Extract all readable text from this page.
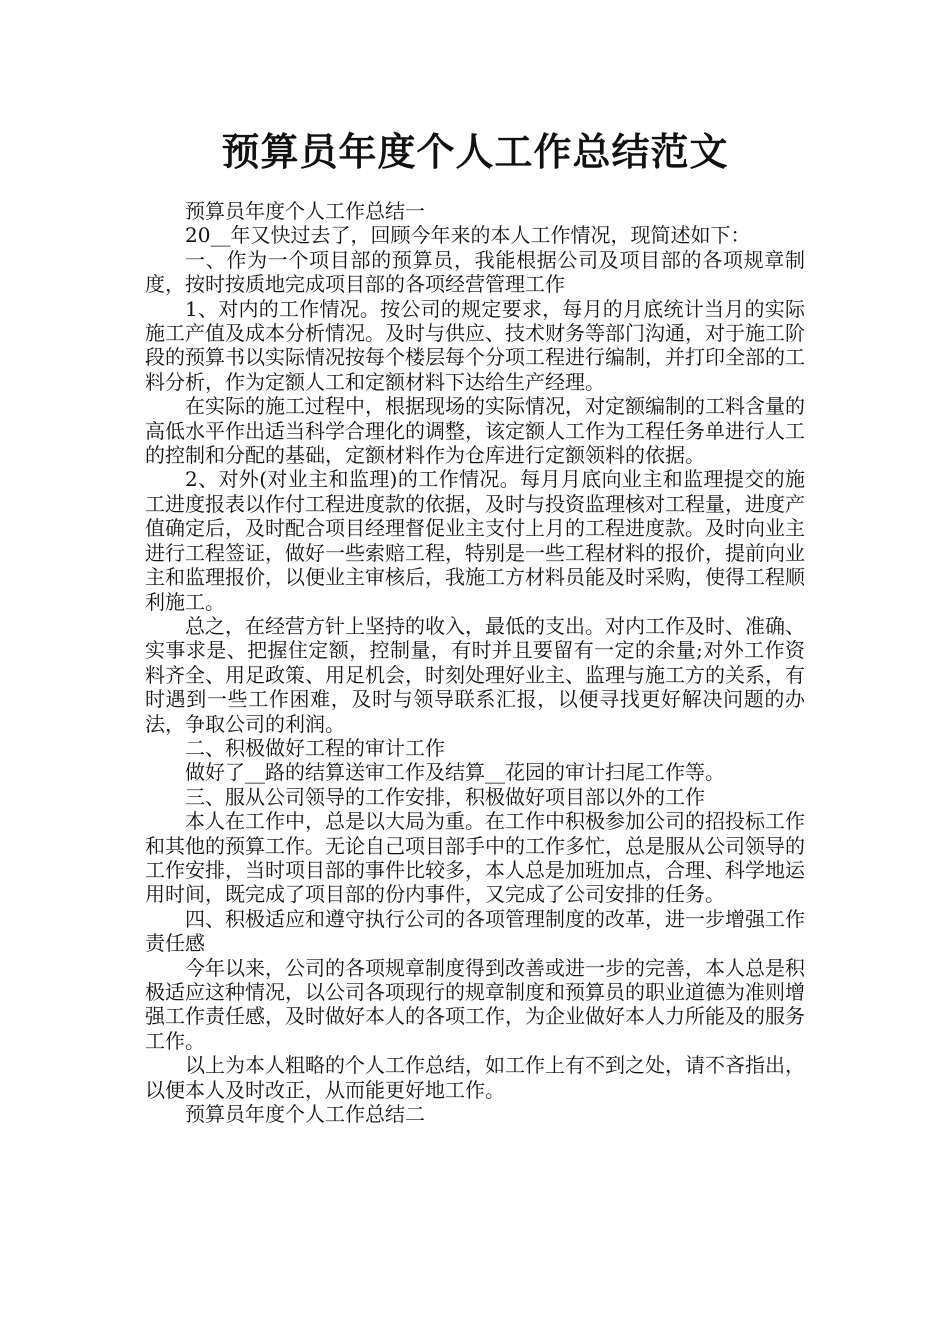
预算员年度个人工作总结范文

预算员年度个人工作总结一

20__年又快过去了，回顾今年来的本人工作情况，现简述如下：

一、作为一个项目部的预算员，我能根据公司及项目部的各项规章制度，按时按质地完成项目部的各项经营管理工作

1、对内的工作情况。按公司的规定要求，每月的月底统计当月的实际施工产值及成本分析情况。及时与供应、技术财务等部门沟通，对于施工阶段的预算书以实际情况按每个楼层每个分项工程进行编制，并打印全部的工料分析，作为定额人工和定额材料下达给生产经理。

在实际的施工过程中，根据现场的实际情况，对定额编制的工料含量的高低水平作出适当科学合理化的调整，该定额人工作为工程任务单进行人工的控制和分配的基础，定额材料作为仓库进行定额领料的依据。

2、对外(对业主和监理)的工作情况。每月月底向业主和监理提交的施工进度报表以作付工程进度款的依据，及时与投资监理核对工程量，进度产值确定后，及时配合项目经理督促业主支付上月的工程进度款。及时向业主进行工程签证，做好一些索赔工程，特别是一些工程材料的报价，提前向业主和监理报价，以便业主审核后，我施工方材料员能及时采购，使得工程顺利施工。

总之，在经营方针上坚持的收入，最低的支出。对内工作及时、准确、实事求是、把握住定额，控制量，有时并且要留有一定的余量;对外工作资料齐全、用足政策、用足机会，时刻处理好业主、监理与施工方的关系，有时遇到一些工作困难，及时与领导联系汇报，以便寻找更好解决问题的办法，争取公司的利润。

二、积极做好工程的审计工作

做好了__路的结算送审工作及结算__花园的审计扫尾工作等。

三、服从公司领导的工作安排，积极做好项目部以外的工作

本人在工作中，总是以大局为重。在工作中积极参加公司的招投标工作和其他的预算工作。无论自己项目部手中的工作多忙，总是服从公司领导的工作安排，当时项目部的事件比较多，本人总是加班加点，合理、科学地运用时间，既完成了项目部的份内事件，又完成了公司安排的任务。

四、积极适应和遵守执行公司的各项管理制度的改革，进一步增强工作责任感

今年以来，公司的各项规章制度得到改善或进一步的完善，本人总是积极适应这种情况，以公司各项现行的规章制度和预算员的职业道德为准则增强工作责任感，及时做好本人的各项工作，为企业做好本人力所能及的服务工作。

以上为本人粗略的个人工作总结，如工作上有不到之处，请不吝指出，以便本人及时改正，从而能更好地工作。

预算员年度个人工作总结二
